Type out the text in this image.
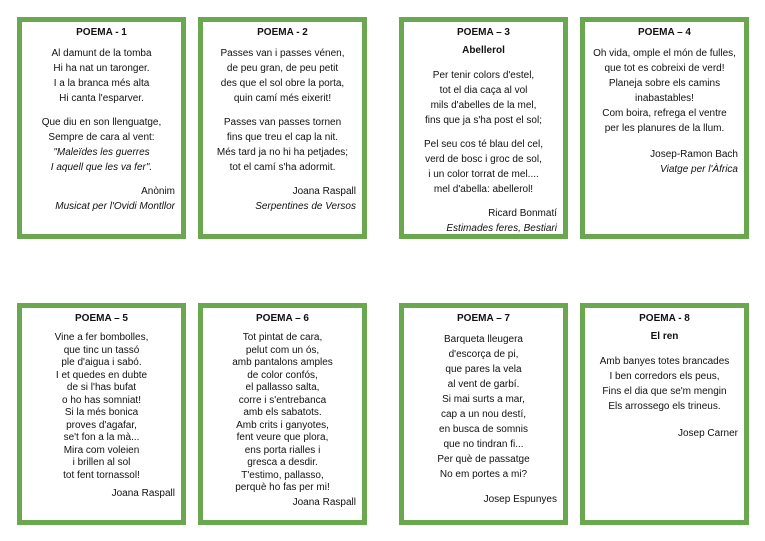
POEMA - 1
Al damunt de la tomba
Hi ha nat un taronger.
I a la branca més alta
Hi canta l'esparver.
Que diu en son llenguatge,
Sempre de cara al vent:
"Maleïdes les guerres
I aquell que les va fer".
Anònim
Musicat per l'Ovidi Montllor
POEMA - 2
Passes van i passes vénen,
de peu gran, de peu petit
des que el sol obre la porta,
quin camí més eixerit!
Passes van passes tornen
fins que treu el cap la nit.
Més tard ja no hi ha petjades;
tot el camí s'ha adormit.
Joana Raspall
Serpentines de Versos
POEMA – 3
Abellerol
Per tenir colors d'estel,
tot el dia caça al vol
mils d'abelles de la mel,
fins que ja s'ha post el sol;
Pel seu cos té blau del cel,
verd de bosc i groc de sol,
i un color torrat de mel....
mel d'abella: abellerol!
Ricard Bonmatí
Estimades feres, Bestiari
POEMA – 4
Oh vida, omple el món de fulles,
que tot es cobreixi de verd!
Planeja sobre els camins
inabastables!
Com boira, refrega el ventre
per les planures de la llum.
Josep-Ramon Bach
Viatge per l'Àfrica
POEMA – 5
Vine a fer bombolles,
que tinc un tassó
ple d'aigua i sabó.
I et quedes en dubte
de si l'has bufat
o ho has somniat!
Si la més bonica
proves d'agafar,
se't fon a la mà...
Mira com voleien
i brillen al sol
tot fent tornassol!
Joana Raspall
POEMA – 6
Tot pintat de cara,
pelut com un ós,
amb pantalons amples
de color confós,
el pallasso salta,
corre i s'entrebanca
amb els sabatots.
Amb crits i ganyotes,
fent veure que plora,
ens porta rialles i
gresca a desdir.
T'estimo, pallasso,
perquè ho fas per mi!
Joana Raspall
POEMA – 7
Barqueta lleugera
d'escorça de pi,
que pares la vela
al vent de garbí.
Si mai surts a mar,
cap a un nou destí,
en busca de somnis
que no tindran fi...
Per què de passatge
No em portes a mi?
Josep Espunyes
POEMA - 8
El ren
Amb banyes totes brancades
I ben corredors els peus,
Fins el dia que se'm mengin
Els arrossego els trineus.
Josep Carner
